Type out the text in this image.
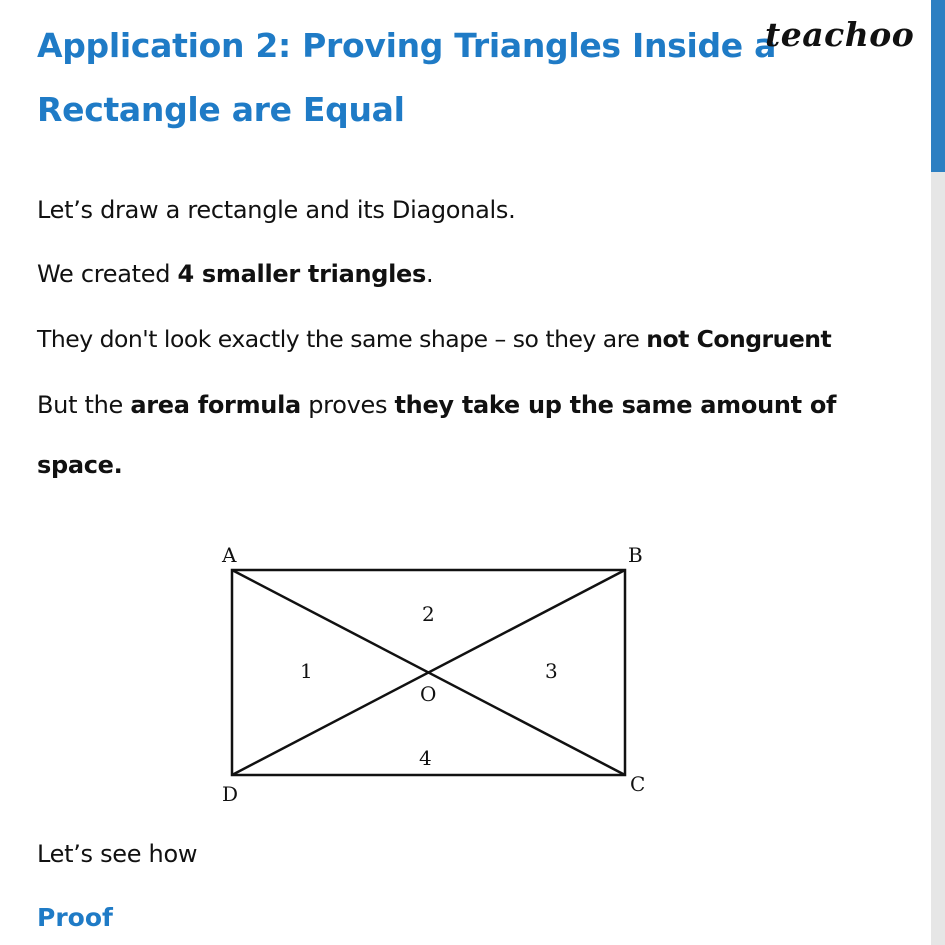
Application 2: Proving Triangles Inside a
Rectangle are Equal
teachoo
Let’s draw a rectangle and its Diagonals.
We created 4 smaller triangles.
They don't look exactly the same shape – so they are not Congruent
But the area formula proves they take up the same amount of
space.
A	B
C
D
O
1
2
3
4
Let’s see how
Proof
